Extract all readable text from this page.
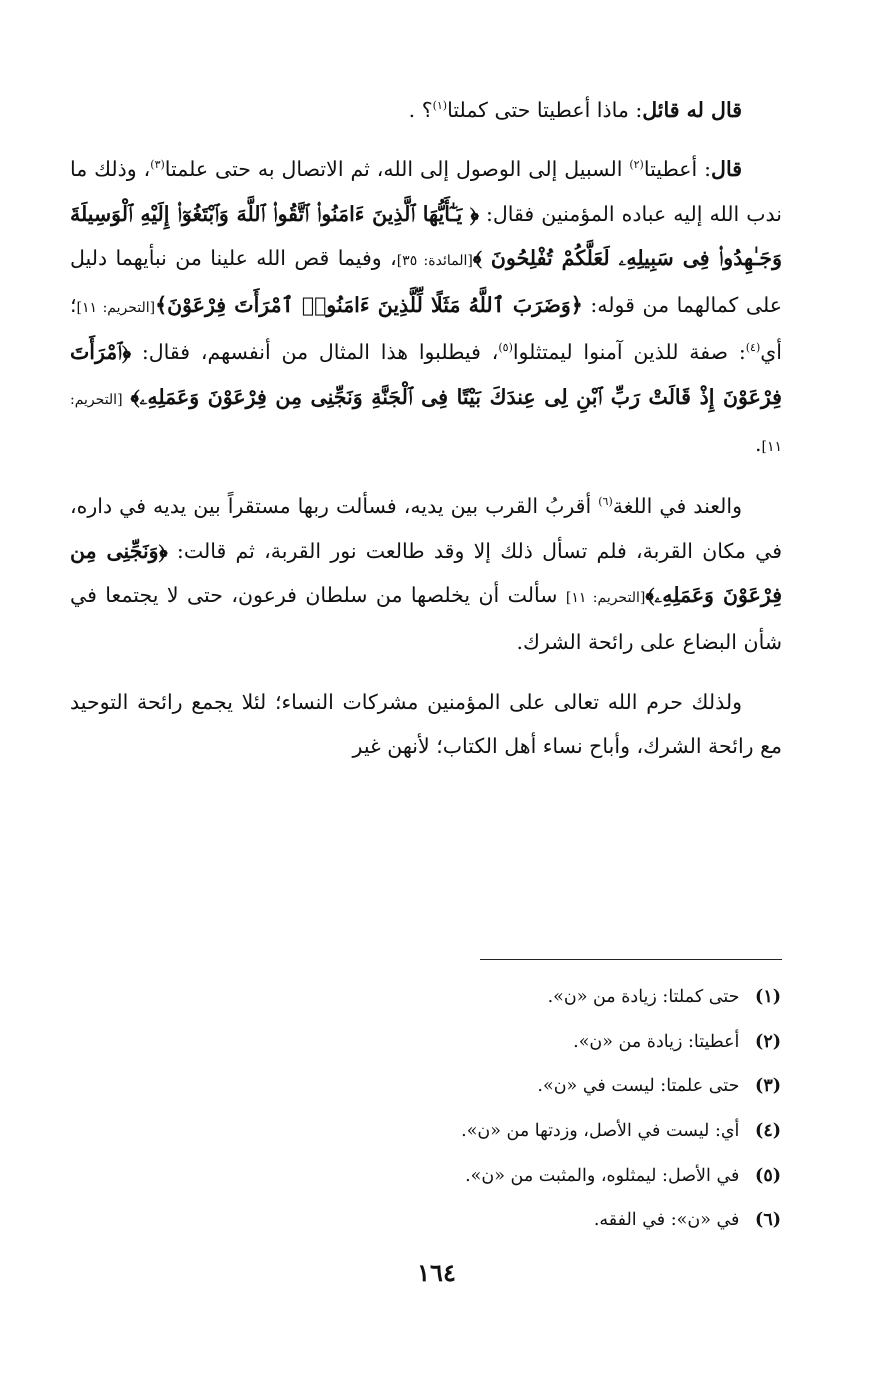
قال له قائل: ماذا أعطيتا حتى كملتا$^{(١)}$؟ .

قال: أعطيتا$^{(٢)}$ السبيل إلى الوصول إلى الله، ثم الاتصال به حتى علمتا$^{(٣)}$، وذلك ما ندب الله إليه عباده المؤمنين فقال: ﴿ يَـٰٓأَيُّهَا ٱلَّذِينَ ءَامَنُوا۟ ٱتَّقُوا۟ ٱللَّهَ وَٱبْتَغُوٓا۟ إِلَيْهِ ٱلْوَسِيلَةَ وَجَـٰهِدُوا۟ فِى سَبِيلِهِۦ لَعَلَّكُمْ تُفْلِحُونَ ﴾[المائدة: ٣٥]، وفيما قص الله علينا من نبأيهما دليل على كمالهما من قوله: ﴿وَضَرَبَ ٱللَّهُ مَثَلًا لِّلَّذِينَ ءَامَنُوا۟ ٱمْرَأَتَ فِرْعَوْنَ﴾[التحريم: ١١]؛ أي$^{(٤)}$: صفة للذين آمنوا ليمتثلوا$^{(٥)}$، فيطلبوا هذا المثال من أنفسهم، فقال: ﴿ٱمْرَأَتَ فِرْعَوْنَ إِذْ قَالَتْ رَبِّ ٱبْنِ لِى عِندَكَ بَيْتًا فِى ٱلْجَنَّةِ وَنَجِّنِى مِن فِرْعَوْنَ وَعَمَلِهِۦ﴾ [التحريم: ١١].

والعند في اللغة$^{(٦)}$ أقربُ القرب بين يديه، فسألت ربها مستقراً بين يديه في داره، في مكان القربة، فلم تسأل ذلك إلا وقد طالعت نور القربة، ثم قالت: ﴿وَنَجِّنِى مِن فِرْعَوْنَ وَعَمَلِهِۦ﴾[التحريم: ١١] سألت أن يخلصها من سلطان فرعون، حتى لا يجتمعا في شأن البضاع على رائحة الشرك.

ولذلك حرم الله تعالى على المؤمنين مشركات النساء؛ لئلا يجمع رائحة التوحيد مع رائحة الشرك، وأباح نساء أهل الكتاب؛ لأنهن غير

(١) حتى كملتا: زيادة من «ن».
(٢) أعطيتا: زيادة من «ن».
(٣) حتى علمتا: ليست في «ن».
(٤) أي: ليست في الأصل، وزدتها من «ن».
(٥) في الأصل: ليمثلوه، والمثبت من «ن».
(٦) في «ن»: في الفقه.
١٦٤
